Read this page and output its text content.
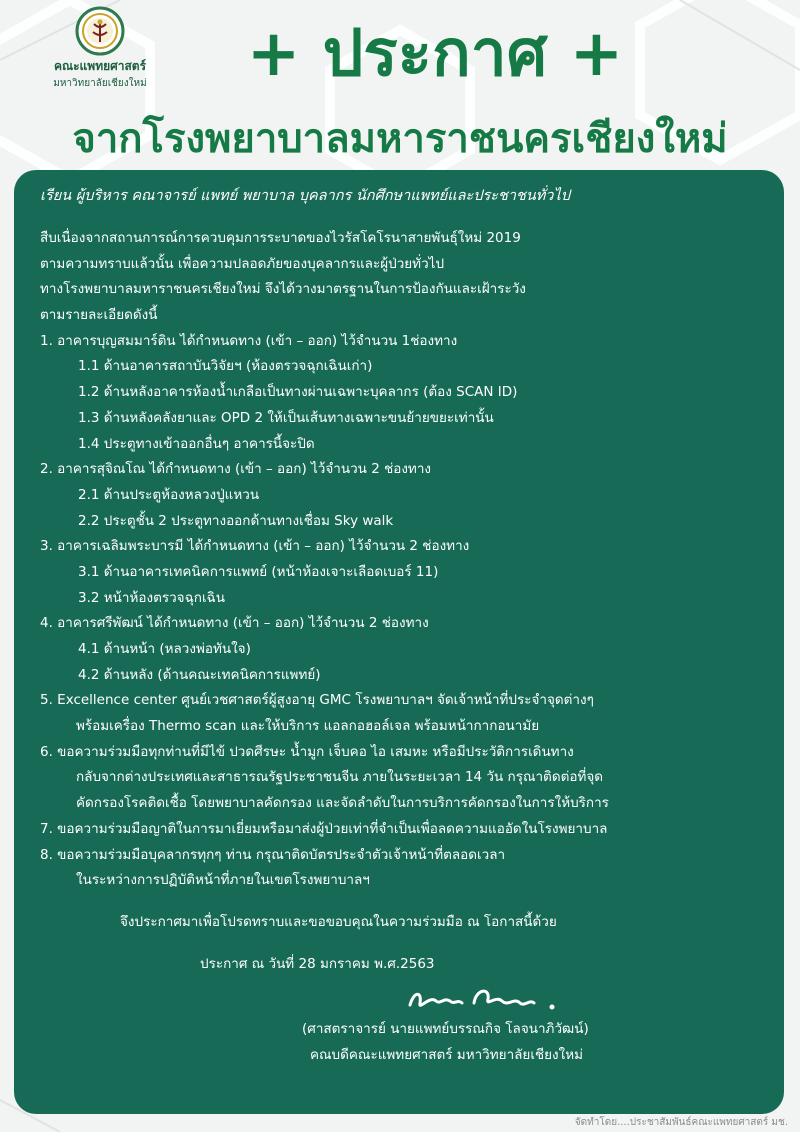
คณะแพทยศาสตร์
มหาวิทยาลัยเชียงใหม่	+ ประกาศ +
จากโรงพยาบาลมหาราชนครเชียงใหม่
เรียน ผู้บริหาร คณาจารย์ แพทย์ พยาบาล บุคลากร นักศึกษาแพทย์และประชาชนทั่วไป
สืบเนื่องจากสถานการณ์การควบคุมการระบาดของไวรัสโคโรนาสายพันธุ์ใหม่ 2019
ตามความทราบแล้วนั้น เพื่อความปลอดภัยของบุคลากรและผู้ป่วยทั่วไป
ทางโรงพยาบาลมหาราชนครเชียงใหม่ จึงได้วางมาตรฐานในการป้องกันและเฝ้าระวัง
ตามรายละเอียดดังนี้
1. อาคารบุญสมมาร์ติน ได้กำหนดทาง (เข้า – ออก) ไว้จำนวน 1ช่องทาง
1.1 ด้านอาคารสถาบันวิจัยฯ (ห้องตรวจฉุกเฉินเก่า)
1.2 ด้านหลังอาคารห้องน้ำเกลือเป็นทางผ่านเฉพาะบุคลากร (ต้อง SCAN ID)
1.3 ด้านหลังคลังยาและ OPD 2 ให้เป็นเส้นทางเฉพาะขนย้ายขยะเท่านั้น
1.4 ประตูทางเข้าออกอื่นๆ อาคารนี้จะปิด
2. อาคารสุจิณโณ ได้กำหนดทาง (เข้า – ออก) ไว้จำนวน 2 ช่องทาง
2.1 ด้านประตูห้องหลวงปู่แหวน
2.2 ประตูชั้น 2 ประตูทางออกด้านทางเชื่อม Sky walk
3. อาคารเฉลิมพระบารมี ได้กำหนดทาง (เข้า – ออก) ไว้จำนวน 2 ช่องทาง
3.1 ด้านอาคารเทคนิคการแพทย์ (หน้าห้องเจาะเลือดเบอร์ 11)
3.2 หน้าห้องตรวจฉุกเฉิน
4. อาคารศรีพัฒน์ ได้กำหนดทาง (เข้า – ออก) ไว้จำนวน 2 ช่องทาง
4.1 ด้านหน้า (หลวงพ่อทันใจ)
4.2 ด้านหลัง (ด้านคณะเทคนิคการแพทย์)
5. Excellence center ศูนย์เวชศาสตร์ผู้สูงอายุ GMC โรงพยาบาลฯ จัดเจ้าหน้าที่ประจำจุดต่างๆ
พร้อมเครื่อง Thermo scan และให้บริการ แอลกอฮอล์เจล พร้อมหน้ากากอนามัย
6. ขอความร่วมมือทุกท่านที่มีไข้ ปวดศีรษะ น้ำมูก เจ็บคอ ไอ เสมหะ หรือมีประวัติการเดินทาง
กลับจากต่างประเทศและสาธารณรัฐประชาชนจีน ภายในระยะเวลา 14 วัน กรุณาติดต่อที่จุด
คัดกรองโรคติดเชื้อ โดยพยาบาลคัดกรอง และจัดลำดับในการบริการคัดกรองในการให้บริการ
7. ขอความร่วมมือญาติในการมาเยี่ยมหรือมาส่งผู้ป่วยเท่าที่จำเป็นเพื่อลดความแออัดในโรงพยาบาล
8. ขอความร่วมมือบุคลากรทุกๆ ท่าน กรุณาติดบัตรประจำตัวเจ้าหน้าที่ตลอดเวลา
ในระหว่างการปฏิบัติหน้าที่ภายในเขตโรงพยาบาลฯ
จึงประกาศมาเพื่อโปรดทราบและขอขอบคุณในความร่วมมือ ณ โอกาสนี้ด้วย
ประกาศ ณ วันที่ 28 มกราคม พ.ศ.2563
(ศาสตราจารย์ นายแพทย์บรรณกิจ โลจนาภิวัฒน์)
คณบดีคณะแพทยศาสตร์ มหาวิทยาลัยเชียงใหม่
จัดทำโดย....ประชาสัมพันธ์คณะแพทยศาสตร์ มช.
